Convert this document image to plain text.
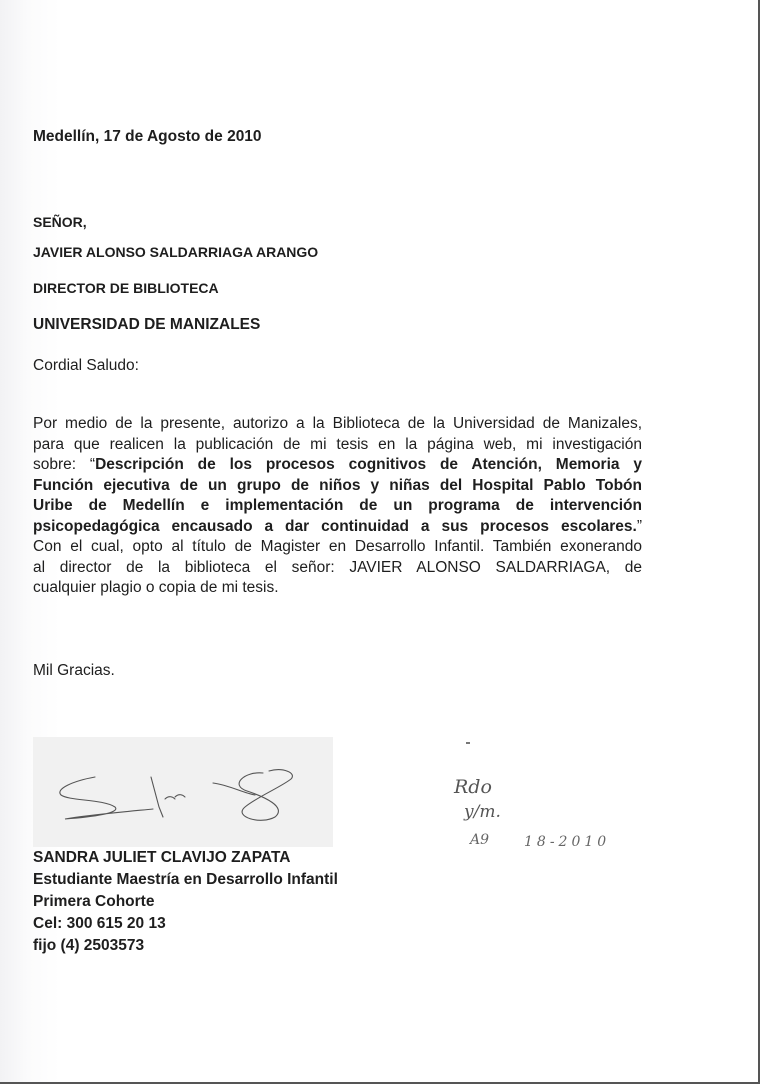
Medellín, 17 de Agosto de 2010

SEÑOR,

JAVIER ALONSO SALDARRIAGA ARANGO

DIRECTOR DE BIBLIOTECA

UNIVERSIDAD DE MANIZALES

Cordial Saludo:

Por medio de la presente, autorizo a la Biblioteca de la Universidad de Manizales,
para que realicen la publicación de mi tesis en la página web, mi investigación
sobre: “Descripción de los procesos cognitivos de Atención, Memoria y
Función ejecutiva de un grupo de niños y niñas del Hospital Pablo Tobón
Uribe de Medellín e implementación de un programa de intervención
psicopedagógica encausado a dar continuidad a sus procesos escolares.”
Con el cual, opto al título de Magister en Desarrollo Infantil. También exonerando
al director de la biblioteca el señor: JAVIER ALONSO SALDARRIAGA, de
cualquier plagio o copia de mi tesis.

Mil Gracias.

SANDRA JULIET CLAVIJO ZAPATA

Estudiante Maestría en Desarrollo Infantil

Primera Cohorte

Cel: 300 615 20 13

fijo (4) 2503573

Rdo
y/m.
A9 18-2010
